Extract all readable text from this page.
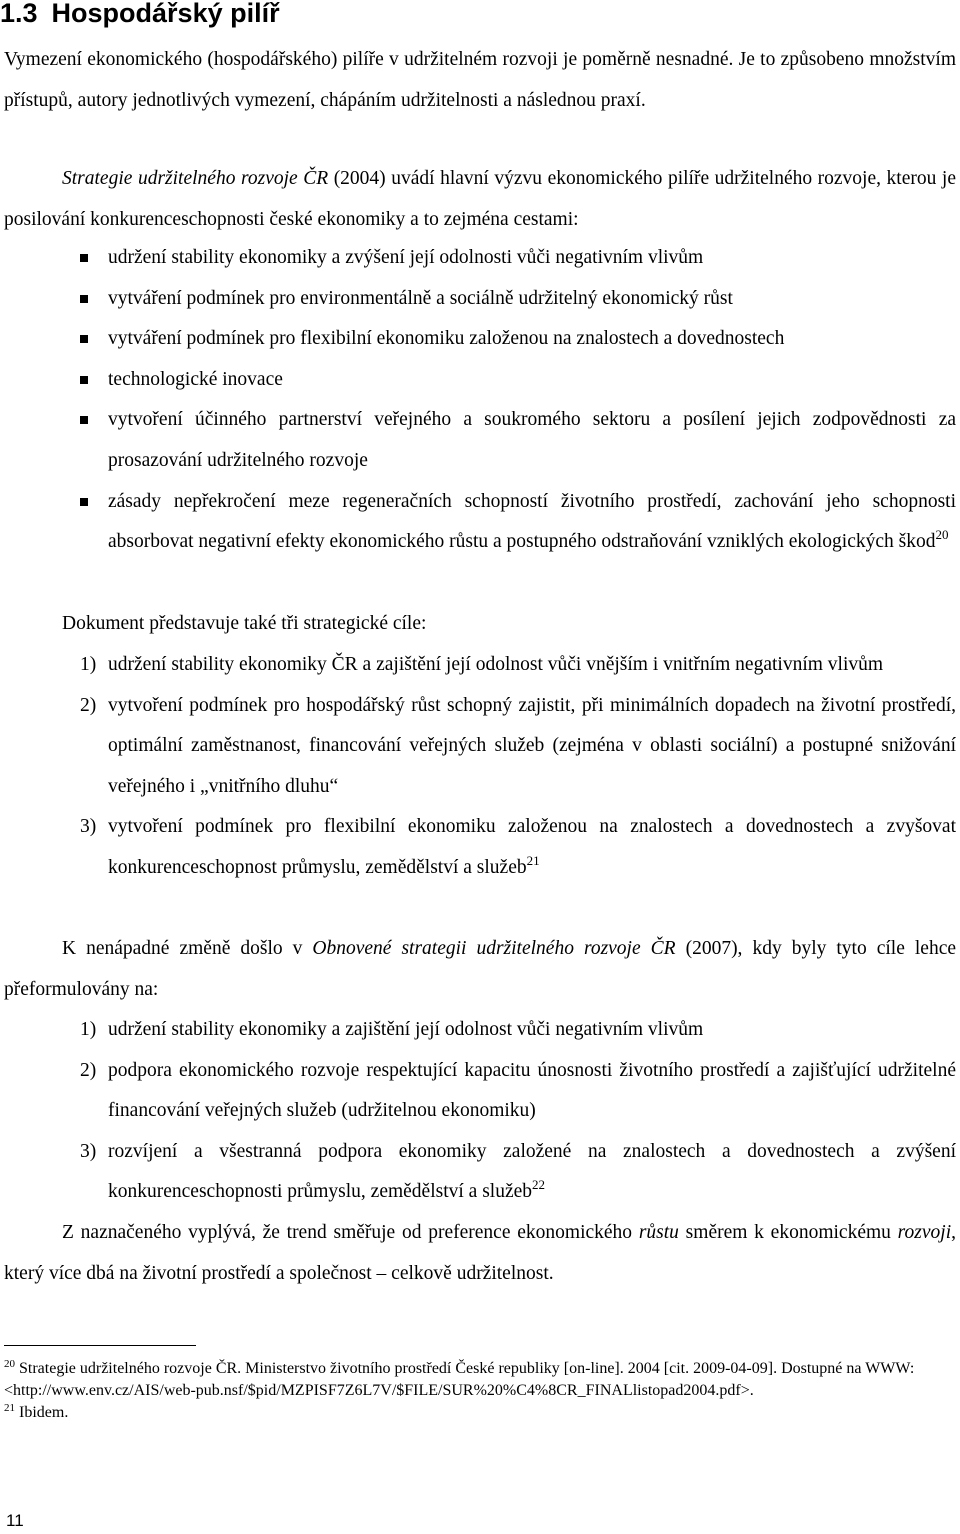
1.3 Hospodářský pilíř

Vymezení ekonomického (hospodářského) pilíře v udržitelném rozvoji je poměrně nesnadné. Je to způsobeno množstvím přístupů, autory jednotlivých vymezení, chápáním udržitelnosti a následnou praxí.

Strategie udržitelného rozvoje ČR (2004) uvádí hlavní výzvu ekonomického pilíře udržitelného rozvoje, kterou je posilování konkurenceschopnosti české ekonomiky a to zejména cestami:

udržení stability ekonomiky a zvýšení její odolnosti vůči negativním vlivům
vytváření podmínek pro environmentálně a sociálně udržitelný ekonomický růst
vytváření podmínek pro flexibilní ekonomiku založenou na znalostech a dovednostech
technologické inovace
vytvoření účinného partnerství veřejného a soukromého sektoru a posílení jejich zodpovědnosti za prosazování udržitelného rozvoje
zásady nepřekročení meze regeneračních schopností životního prostředí, zachování jeho schopnosti absorbovat negativní efekty ekonomického růstu a postupného odstraňování vzniklých ekologických škod$^{20}$

Dokument představuje také tři strategické cíle:

1) udržení stability ekonomiky ČR a zajištění její odolnost vůči vnějším i vnitřním negativním vlivům
2) vytvoření podmínek pro hospodářský růst schopný zajistit, při minimálních dopadech na životní prostředí, optimální zaměstnanost, financování veřejných služeb (zejména v oblasti sociální) a postupné snižování veřejného i „vnitřního dluhu“
3) vytvoření podmínek pro flexibilní ekonomiku založenou na znalostech a dovednostech a zvyšovat konkurenceschopnost průmyslu, zemědělství a služeb$^{21}$

K nenápadné změně došlo v Obnovené strategii udržitelného rozvoje ČR (2007), kdy byly tyto cíle lehce přeformulovány na:

1) udržení stability ekonomiky a zajištění její odolnost vůči negativním vlivům
2) podpora ekonomického rozvoje respektující kapacitu únosnosti životního prostředí a zajišťující udržitelné financování veřejných služeb (udržitelnou ekonomiku)
3) rozvíjení a všestranná podpora ekonomiky založené na znalostech a dovednostech a zvýšení konkurenceschopnosti průmyslu, zemědělství a služeb$^{22}$

Z naznačeného vyplývá, že trend směřuje od preference ekonomického růstu směrem k ekonomickému rozvoji, který více dbá na životní prostředí a společnost – celkově udržitelnost.

$^{20}$ Strategie udržitelného rozvoje ČR. Ministerstvo životního prostředí České republiky [on-line]. 2004 [cit. 2009-04-09]. Dostupné na WWW: <http://www.env.cz/AIS/web-pub.nsf/$pid/MZPISF7Z6L7V/$FILE/SUR%20%C4%8CR_FINALlistopad2004.pdf>.

$^{21}$ Ibidem.

11
